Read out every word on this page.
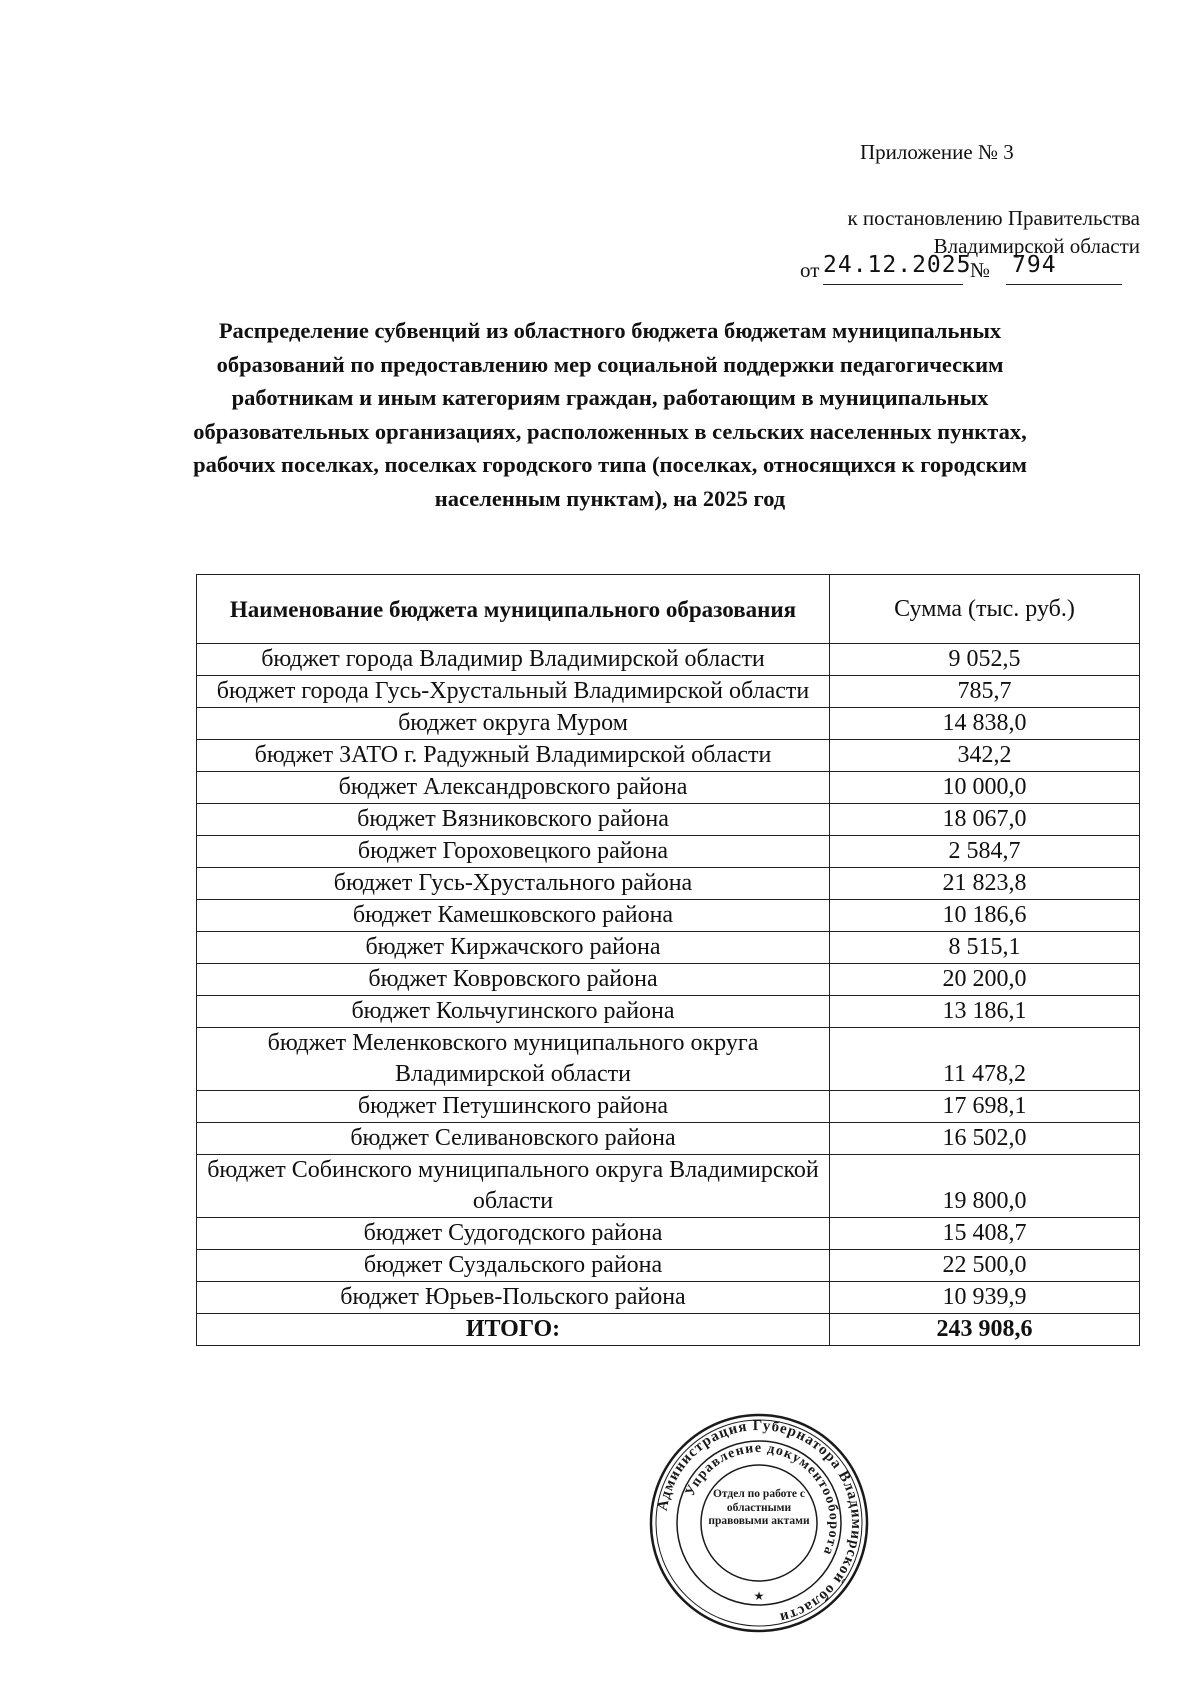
Приложение № 3
к постановлению Правительства
Владимирской области
от 24.12.2025
№ 794
Распределение субвенций из областного бюджета бюджетам муниципальных образований по предоставлению мер социальной поддержки педагогическим работникам и иным категориям граждан, работающим в муниципальных образовательных организациях, расположенных в сельских населенных пунктах, рабочих поселках, поселках городского типа (поселках, относящихся к городским населенным пунктам), на 2025 год
Наименование бюджета муниципального образования	Сумма (тыс. руб.)
бюджет города Владимир Владимирской области	9 052,5
бюджет города Гусь-Хрустальный Владимирской области	785,7
бюджет округа Муром	14 838,0
бюджет ЗАТО г. Радужный Владимирской области	342,2
бюджет Александровского района	10 000,0
бюджет Вязниковского района	18 067,0
бюджет Гороховецкого района	2 584,7
бюджет Гусь-Хрустального района	21 823,8
бюджет Камешковского района	10 186,6
бюджет Киржачского района	8 515,1
бюджет Ковровского района	20 200,0
бюджет Кольчугинского района	13 186,1
бюджет Меленковского муниципального округа Владимирской области	11 478,2
бюджет Петушинского района	17 698,1
бюджет Селивановского района	16 502,0
бюджет Собинского муниципального округа Владимирской области	19 800,0
бюджет Судогодского района	15 408,7
бюджет Суздальского района	22 500,0
бюджет Юрьев-Польского района	10 939,9
ИТОГО:	243 908,6
Администрация Губернатора Владимирской области
Управление документооборота
★
Отдел по работе с областными правовыми актами
